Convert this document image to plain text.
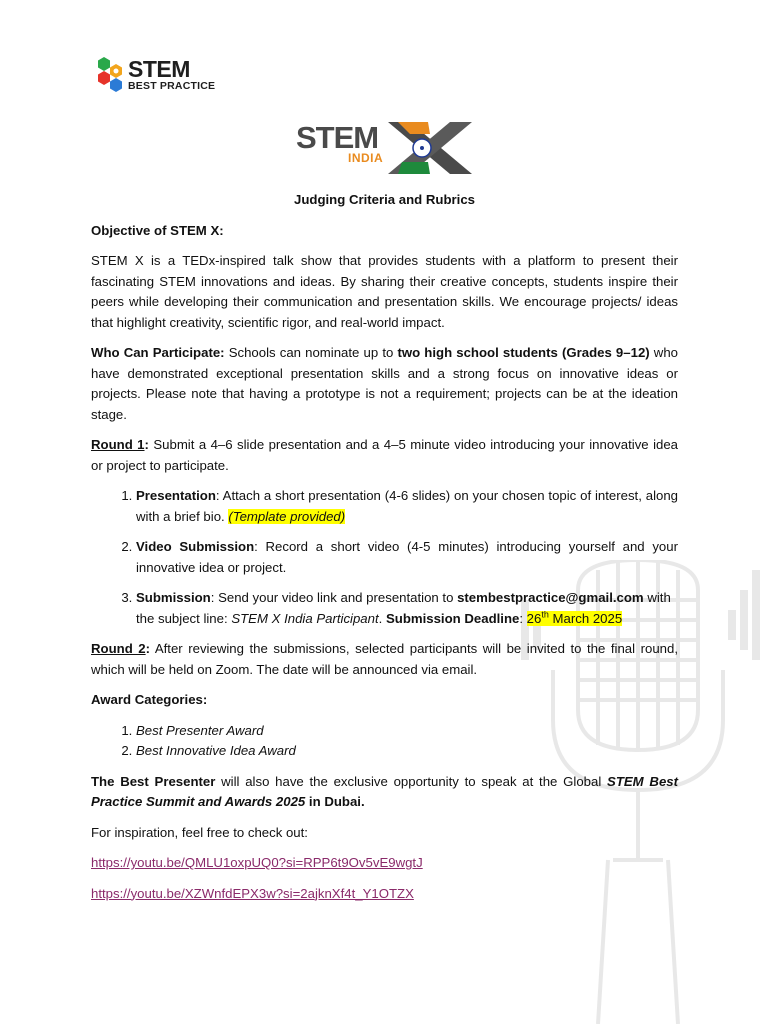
STEM
BEST PRACTICE
STEM
INDIA
Judging Criteria and Rubrics

Objective of STEM X:

STEM X is a TEDx-inspired talk show that provides students with a platform to present their fascinating STEM innovations and ideas. By sharing their creative concepts, students inspire their peers while developing their communication and presentation skills. We encourage projects/ ideas that highlight creativity, scientific rigor, and real-world impact.

Who Can Participate: Schools can nominate up to two high school students (Grades 9–12) who have demonstrated exceptional presentation skills and a strong focus on innovative ideas or projects. Please note that having a prototype is not a requirement; projects can be at the ideation stage.

Round 1: Submit a 4–6 slide presentation and a 4–5 minute video introducing your innovative idea or project to participate.

1. Presentation: Attach a short presentation (4-6 slides) on your chosen topic of interest, along with a brief bio. (Template provided)
2. Video Submission: Record a short video (4-5 minutes) introducing yourself and your innovative idea or project.
3. Submission: Send your video link and presentation to stembestpractice@gmail.com with the subject line: STEM X India Participant. Submission Deadline: 26th March 2025

Round 2: After reviewing the submissions, selected participants will be invited to the final round, which will be held on Zoom. The date will be announced via email.

Award Categories:

1. Best Presenter Award
2. Best Innovative Idea Award

The Best Presenter will also have the exclusive opportunity to speak at the Global STEM Best Practice Summit and Awards 2025 in Dubai.

For inspiration, feel free to check out:

https://youtu.be/QMLU1oxpUQ0?si=RPP6t9Ov5vE9wgtJ

https://youtu.be/XZWnfdEPX3w?si=2ajknXf4t_Y1OTZX
